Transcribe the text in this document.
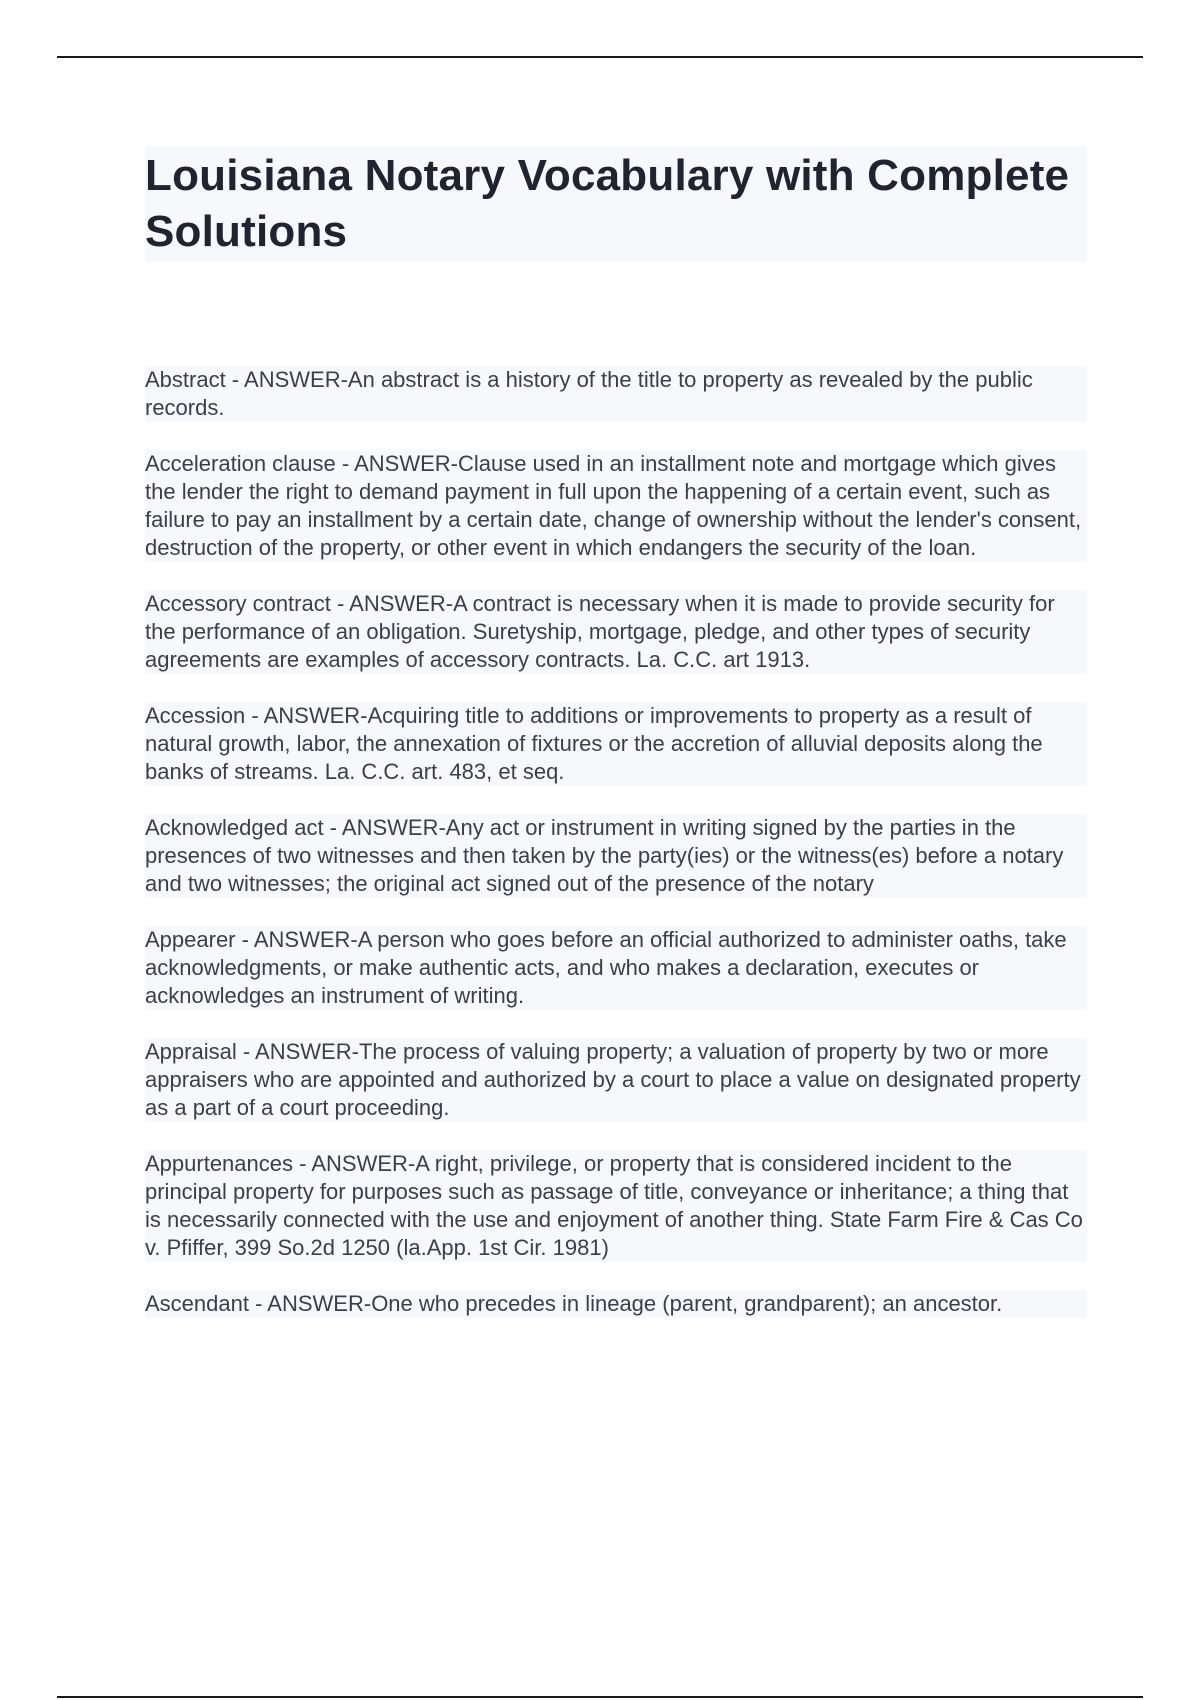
Louisiana Notary Vocabulary with Complete Solutions

Abstract - ANSWER-An abstract is a history of the title to property as revealed by the public records.

Acceleration clause - ANSWER-Clause used in an installment note and mortgage which gives the lender the right to demand payment in full upon the happening of a certain event, such as failure to pay an installment by a certain date, change of ownership without the lender's consent, destruction of the property, or other event in which endangers the security of the loan.

Accessory contract - ANSWER-A contract is necessary when it is made to provide security for the performance of an obligation. Suretyship, mortgage, pledge, and other types of security agreements are examples of accessory contracts. La. C.C. art 1913.

Accession - ANSWER-Acquiring title to additions or improvements to property as a result of natural growth, labor, the annexation of fixtures or the accretion of alluvial deposits along the banks of streams. La. C.C. art. 483, et seq.

Acknowledged act - ANSWER-Any act or instrument in writing signed by the parties in the presences of two witnesses and then taken by the party(ies) or the witness(es) before a notary and two witnesses; the original act signed out of the presence of the notary

Appearer - ANSWER-A person who goes before an official authorized to administer oaths, take acknowledgments, or make authentic acts, and who makes a declaration, executes or acknowledges an instrument of writing.

Appraisal - ANSWER-The process of valuing property; a valuation of property by two or more appraisers who are appointed and authorized by a court to place a value on designated property as a part of a court proceeding.

Appurtenances - ANSWER-A right, privilege, or property that is considered incident to the principal property for purposes such as passage of title, conveyance or inheritance; a thing that is necessarily connected with the use and enjoyment of another thing. State Farm Fire & Cas Co v. Pfiffer, 399 So.2d 1250 (la.App. 1st Cir. 1981)

Ascendant - ANSWER-One who precedes in lineage (parent, grandparent); an ancestor.
